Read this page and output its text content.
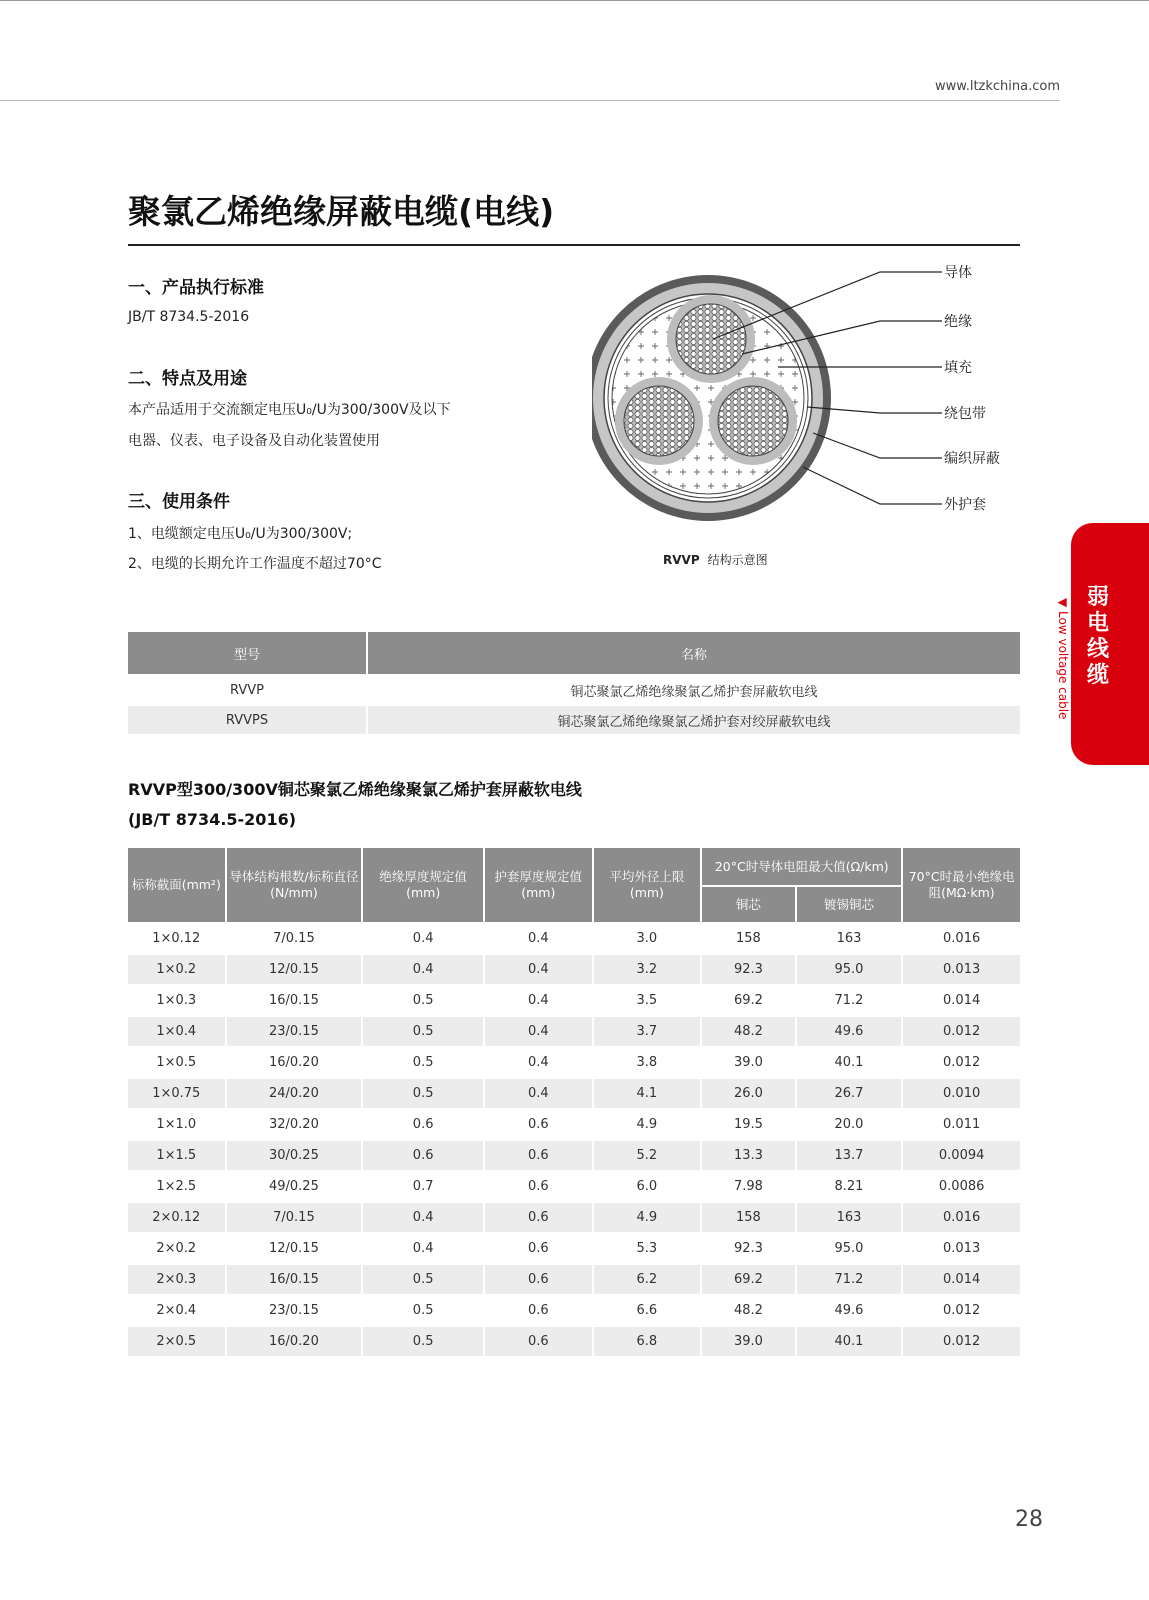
www.ltzkchina.com
聚氯乙烯绝缘屏蔽电缆(电线)
一、产品执行标准

JB/T 8734.5-2016

二、特点及用途

本产品适用于交流额定电压U₀/U为300/300V及以下

电器、仪表、电子设备及自动化装置使用

三、使用条件

1、电缆额定电压U₀/U为300/300V;

2、电缆的长期允许工作温度不超过70°C

导体
绝缘
填充
绕包带
编织屏蔽
外护套
RVVP 结构示意图
弱电线缆
▼ Low voltage cable
型号	名称
RVVP	铜芯聚氯乙烯绝缘聚氯乙烯护套屏蔽软电线
RVVPS	铜芯聚氯乙烯绝缘聚氯乙烯护套对绞屏蔽软电线
RVVP型300/300V铜芯聚氯乙烯绝缘聚氯乙烯护套屏蔽软电线
(JB/T 8734.5-2016)
标称截面(mm²)	导体结构根数/标称直径(N/mm)	绝缘厚度规定值(mm)	护套厚度规定值(mm)	平均外径上限(mm)	20°C时导体电阻最大值(Ω/km)		70°C时最小绝缘电阻(MΩ·km)
					铜芯	镀锡铜芯	
1×0.12	7/0.15	0.4	0.4	3.0	158	163	0.016
1×0.2	12/0.15	0.4	0.4	3.2	92.3	95.0	0.013
1×0.3	16/0.15	0.5	0.4	3.5	69.2	71.2	0.014
1×0.4	23/0.15	0.5	0.4	3.7	48.2	49.6	0.012
1×0.5	16/0.20	0.5	0.4	3.8	39.0	40.1	0.012
1×0.75	24/0.20	0.5	0.4	4.1	26.0	26.7	0.010
1×1.0	32/0.20	0.6	0.6	4.9	19.5	20.0	0.011
1×1.5	30/0.25	0.6	0.6	5.2	13.3	13.7	0.0094
1×2.5	49/0.25	0.7	0.6	6.0	7.98	8.21	0.0086
2×0.12	7/0.15	0.4	0.6	4.9	158	163	0.016
2×0.2	12/0.15	0.4	0.6	5.3	92.3	95.0	0.013
2×0.3	16/0.15	0.5	0.6	6.2	69.2	71.2	0.014
2×0.4	23/0.15	0.5	0.6	6.6	48.2	49.6	0.012
2×0.5	16/0.20	0.5	0.6	6.8	39.0	40.1	0.012
28
